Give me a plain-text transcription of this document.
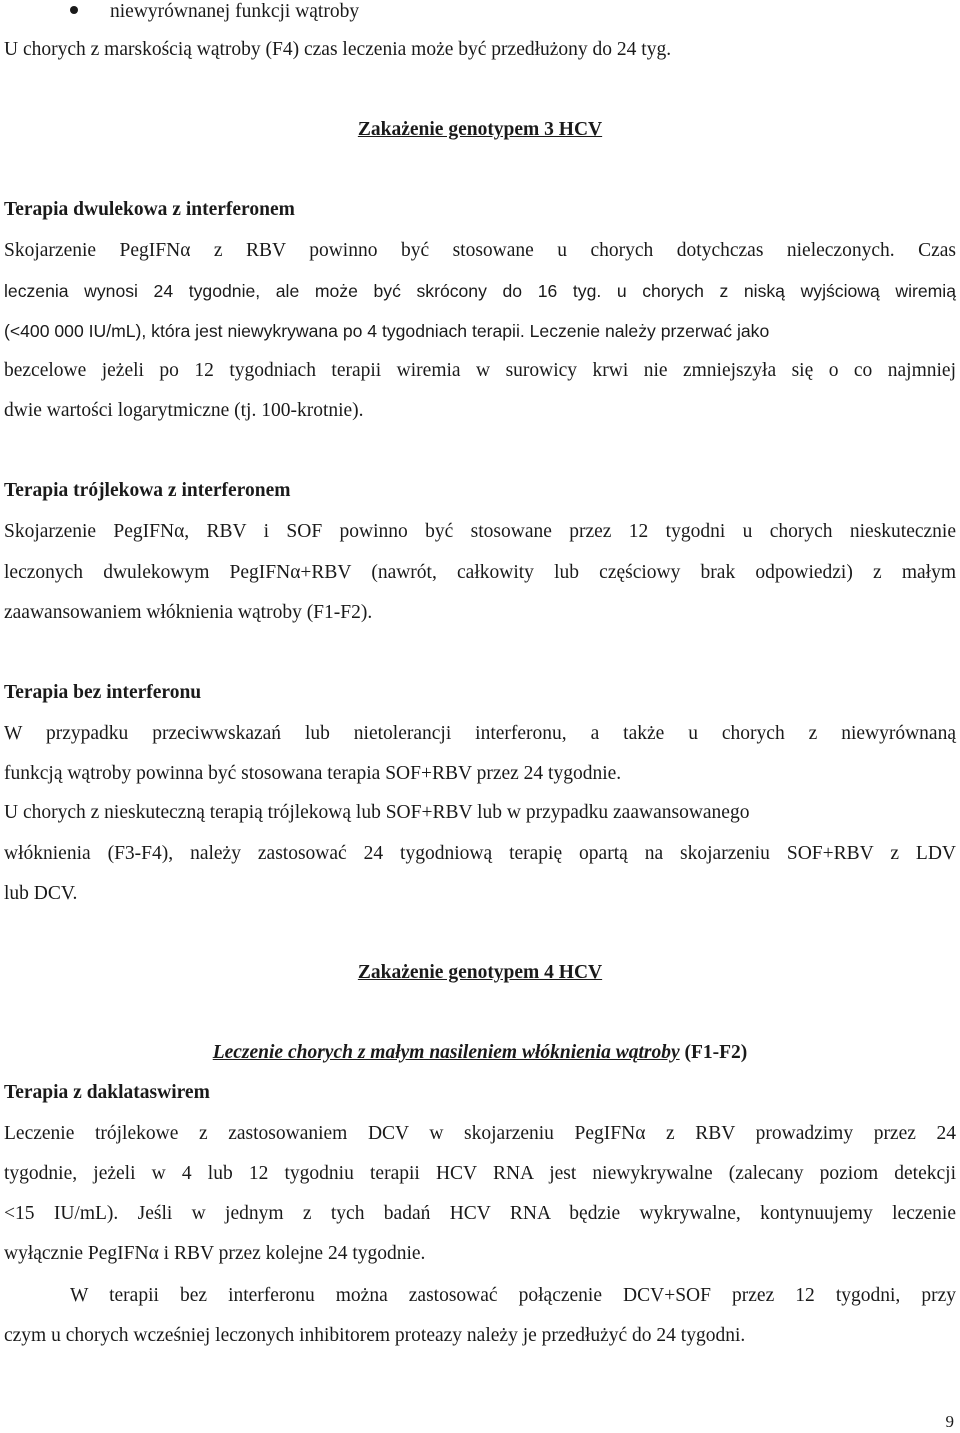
niewyrównanej funkcji wątroby
U chorych z marskością wątroby (F4) czas leczenia może być przedłużony do 24 tyg.
Zakażenie genotypem 3 HCV
Terapia dwulekowa z interferonem
Skojarzenie PegIFNα z RBV powinno być stosowane u chorych dotychczas nieleczonych. Czas
leczenia wynosi 24 tygodnie, ale może być skrócony do 16 tyg. u chorych z niską wyjściową wiremią
(<400 000 IU/mL), która jest niewykrywana po 4 tygodniach terapii. Leczenie należy przerwać jako
bezcelowe jeżeli po 12 tygodniach terapii wiremia w surowicy krwi nie zmniejszyła się o co najmniej
dwie wartości logarytmiczne (tj. 100-krotnie).
Terapia trójlekowa z interferonem
Skojarzenie PegIFNα, RBV i SOF powinno być stosowane przez 12 tygodni u chorych nieskutecznie
leczonych dwulekowym PegIFNα+RBV (nawrót, całkowity lub częściowy brak odpowiedzi) z małym
zaawansowaniem włóknienia wątroby (F1-F2).
Terapia bez interferonu
W przypadku przeciwwskazań lub nietolerancji interferonu, a także u chorych z niewyrównaną
funkcją wątroby powinna być stosowana terapia SOF+RBV przez 24 tygodnie.
U chorych z nieskuteczną terapią trójlekową lub SOF+RBV lub w przypadku zaawansowanego
włóknienia (F3-F4), należy zastosować 24 tygodniową terapię opartą na skojarzeniu SOF+RBV z LDV
lub DCV.
Zakażenie genotypem 4 HCV
Leczenie chorych z małym nasileniem włóknienia wątroby (F1-F2)
Terapia z daklataswirem
Leczenie trójlekowe z zastosowaniem DCV w skojarzeniu PegIFNα z RBV prowadzimy przez 24
tygodnie, jeżeli w 4 lub 12 tygodniu terapii HCV RNA jest niewykrywalne (zalecany poziom detekcji
<15 IU/mL). Jeśli w jednym z tych badań HCV RNA będzie wykrywalne, kontynuujemy leczenie
wyłącznie PegIFNα i RBV przez kolejne 24 tygodnie.
W terapii bez interferonu można zastosować połączenie DCV+SOF przez 12 tygodni, przy
czym u chorych wcześniej leczonych inhibitorem proteazy należy je przedłużyć do 24 tygodni.
9
